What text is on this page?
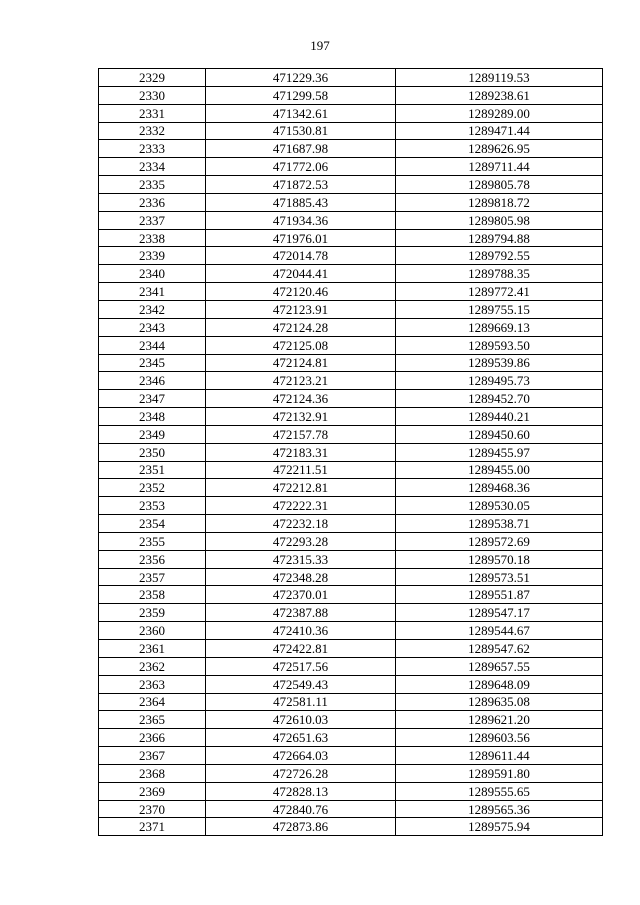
197
2329	471229.36	1289119.53
2330	471299.58	1289238.61
2331	471342.61	1289289.00
2332	471530.81	1289471.44
2333	471687.98	1289626.95
2334	471772.06	1289711.44
2335	471872.53	1289805.78
2336	471885.43	1289818.72
2337	471934.36	1289805.98
2338	471976.01	1289794.88
2339	472014.78	1289792.55
2340	472044.41	1289788.35
2341	472120.46	1289772.41
2342	472123.91	1289755.15
2343	472124.28	1289669.13
2344	472125.08	1289593.50
2345	472124.81	1289539.86
2346	472123.21	1289495.73
2347	472124.36	1289452.70
2348	472132.91	1289440.21
2349	472157.78	1289450.60
2350	472183.31	1289455.97
2351	472211.51	1289455.00
2352	472212.81	1289468.36
2353	472222.31	1289530.05
2354	472232.18	1289538.71
2355	472293.28	1289572.69
2356	472315.33	1289570.18
2357	472348.28	1289573.51
2358	472370.01	1289551.87
2359	472387.88	1289547.17
2360	472410.36	1289544.67
2361	472422.81	1289547.62
2362	472517.56	1289657.55
2363	472549.43	1289648.09
2364	472581.11	1289635.08
2365	472610.03	1289621.20
2366	472651.63	1289603.56
2367	472664.03	1289611.44
2368	472726.28	1289591.80
2369	472828.13	1289555.65
2370	472840.76	1289565.36
2371	472873.86	1289575.94
